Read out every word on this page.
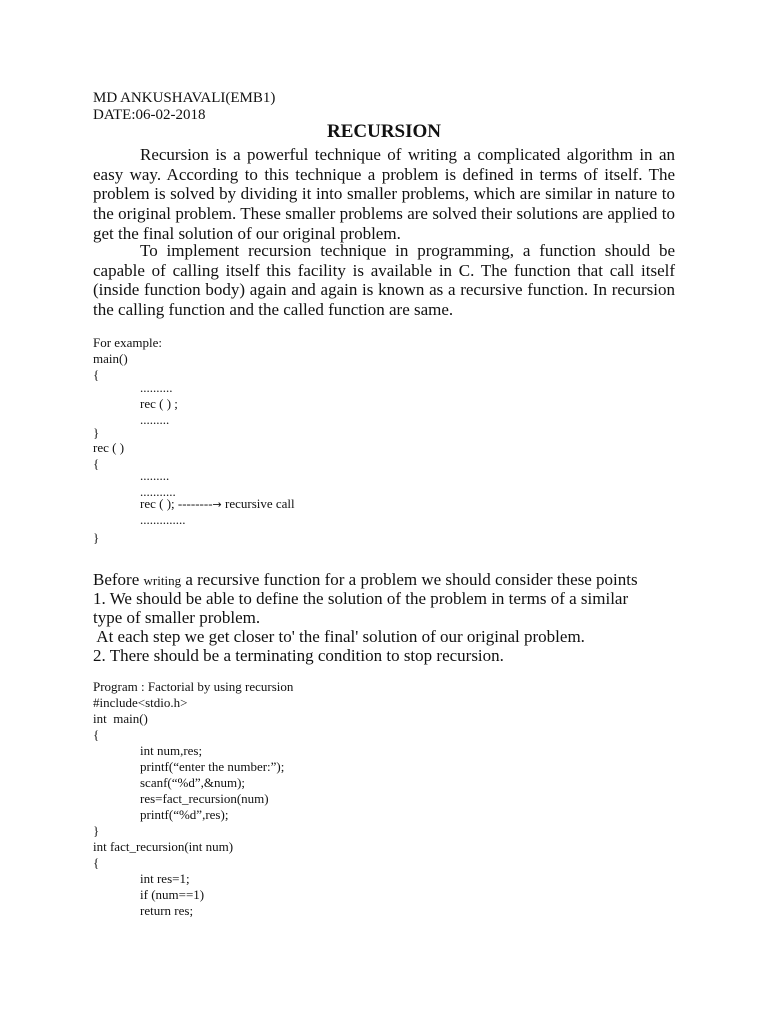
MD ANKUSHAVALI(EMB1)
DATE:06-02-2018
RECURSION
Recursion is a powerful technique of writing a complicated algorithm in an easy way. According to this technique a problem is defined in terms of itself. The problem is solved by dividing it into smaller problems, which are similar in nature to the original problem. These smaller problems are solved their solutions are applied to get the final solution of our original problem.
To implement recursion technique in programming, a function should be capable of calling itself this facility is available in C. The function that call itself (inside function body) again and again is known as a recursive function. In recursion the calling function and the called function are same.
For example:
main()
{
..........
rec ( ) ;
.........
}
rec ( )
{
.........
...........
rec ( ); --------→ recursive call
..............
}
Before writing a recursive function for a problem we should consider these points
1. We should be able to define the solution of the problem in terms of a similar
type of smaller problem.
At each step we get closer to' the final' solution of our original problem.
2. There should be a terminating condition to stop recursion.
Program : Factorial by using recursion
#include<stdio.h>
int  main()
{
int num,res;
printf(“enter the number:”);
scanf(“%d”,&num);
res=fact_recursion(num)
printf(“%d”,res);
}
int fact_recursion(int num)
{
int res=1;
if (num==1)
return res;
